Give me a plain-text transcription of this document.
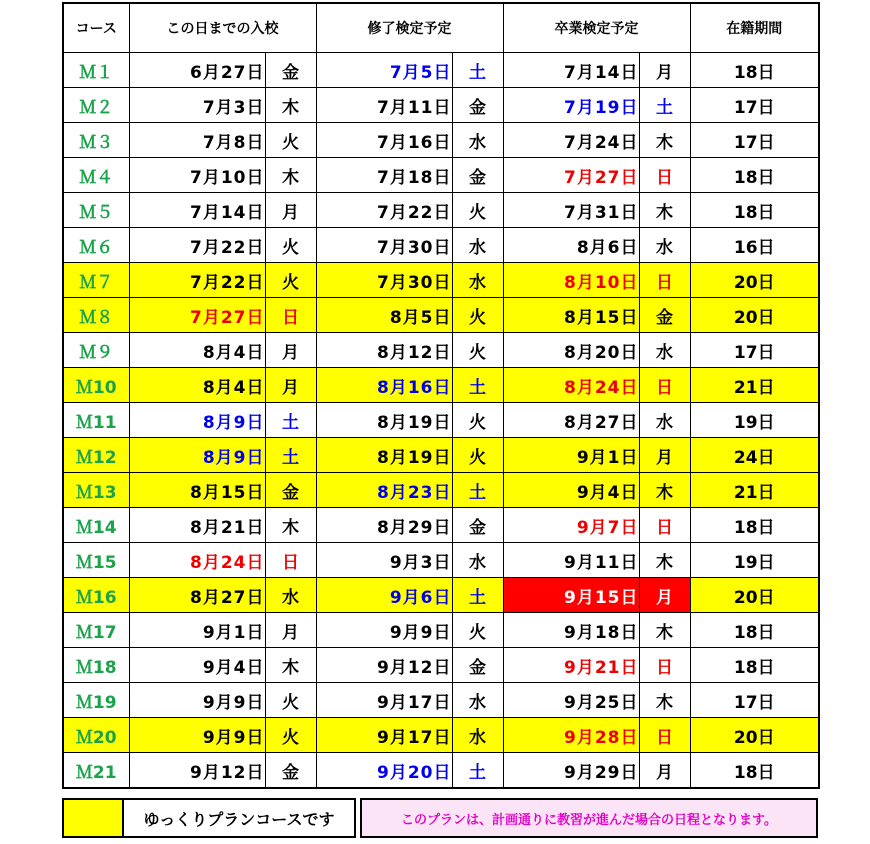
コース	この日までの入校		修了検定予定		卒業検定予定		在籍期間
Ｍ１	6月27日	金	7月5日	土	7月14日	月	18日
Ｍ２	7月3日	木	7月11日	金	7月19日	土	17日
Ｍ３	7月8日	火	7月16日	水	7月24日	木	17日
Ｍ４	7月10日	木	7月18日	金	7月27日	日	18日
Ｍ５	7月14日	月	7月22日	火	7月31日	木	18日
Ｍ６	7月22日	火	7月30日	水	8月6日	水	16日
Ｍ７	7月22日	火	7月30日	水	8月10日	日	20日
Ｍ８	7月27日	日	8月5日	火	8月15日	金	20日
Ｍ９	8月4日	月	8月12日	火	8月20日	水	17日
Ｍ10	8月4日	月	8月16日	土	8月24日	日	21日
Ｍ11	8月9日	土	8月19日	火	8月27日	水	19日
Ｍ12	8月9日	土	8月19日	火	9月1日	月	24日
Ｍ13	8月15日	金	8月23日	土	9月4日	木	21日
Ｍ14	8月21日	木	8月29日	金	9月7日	日	18日
Ｍ15	8月24日	日	9月3日	水	9月11日	木	19日
Ｍ16	8月27日	水	9月6日	土	9月15日	月	20日
Ｍ17	9月1日	月	9月9日	火	9月18日	木	18日
Ｍ18	9月4日	木	9月12日	金	9月21日	日	18日
Ｍ19	9月9日	火	9月17日	水	9月25日	木	17日
Ｍ20	9月9日	火	9月17日	水	9月28日	日	20日
Ｍ21	9月12日	金	9月20日	土	9月29日	月	18日
ゆっくりプランコースです	このプランは、計画通りに教習が進んだ場合の日程となります。
